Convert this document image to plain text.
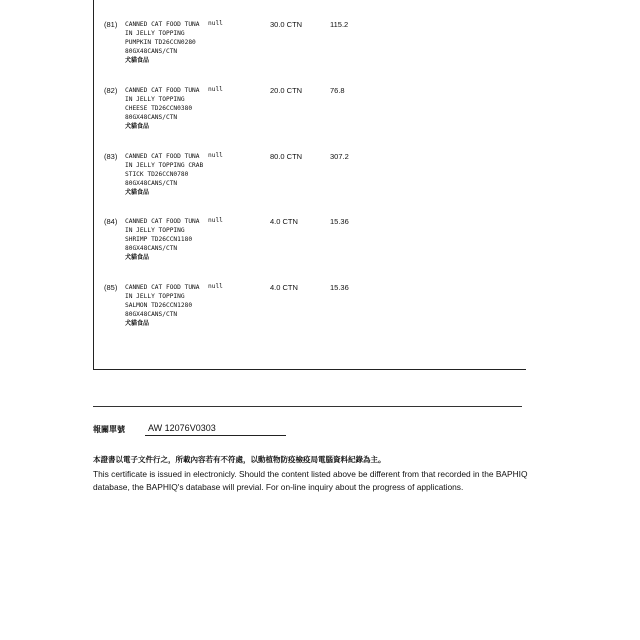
(81) CANNED CAT FOOD TUNA
IN JELLY TOPPING
PUMPKIN TD26CCN0280
80GX48CANS/CTN
犬貓食品
null	30.0 CTN	115.2
(82) CANNED CAT FOOD TUNA
IN JELLY TOPPING
CHEESE TD26CCN0380
80GX48CANS/CTN
犬貓食品
null	20.0 CTN	76.8
(83) CANNED CAT FOOD TUNA
IN JELLY TOPPING CRAB
STICK TD26CCN0780
80GX48CANS/CTN
犬貓食品
null	80.0 CTN	307.2
(84) CANNED CAT FOOD TUNA
IN JELLY TOPPING
SHRIMP TD26CCN1180
80GX48CANS/CTN
犬貓食品
null	4.0 CTN	15.36
(85) CANNED CAT FOOD TUNA
IN JELLY TOPPING
SALMON TD26CCN1280
80GX48CANS/CTN
犬貓食品
null	4.0 CTN	15.36
報關單號	AW 12076V0303
本證書以電子文件行之，所載內容若有不符處，以動植物防疫檢疫局電腦資料紀錄為主。
This certificate is issued in electronicly. Should the content listed above be different from that recorded in the BAPHIQ database, the BAPHIQ's database will previal. For on-line inquiry about the progress of applications.
